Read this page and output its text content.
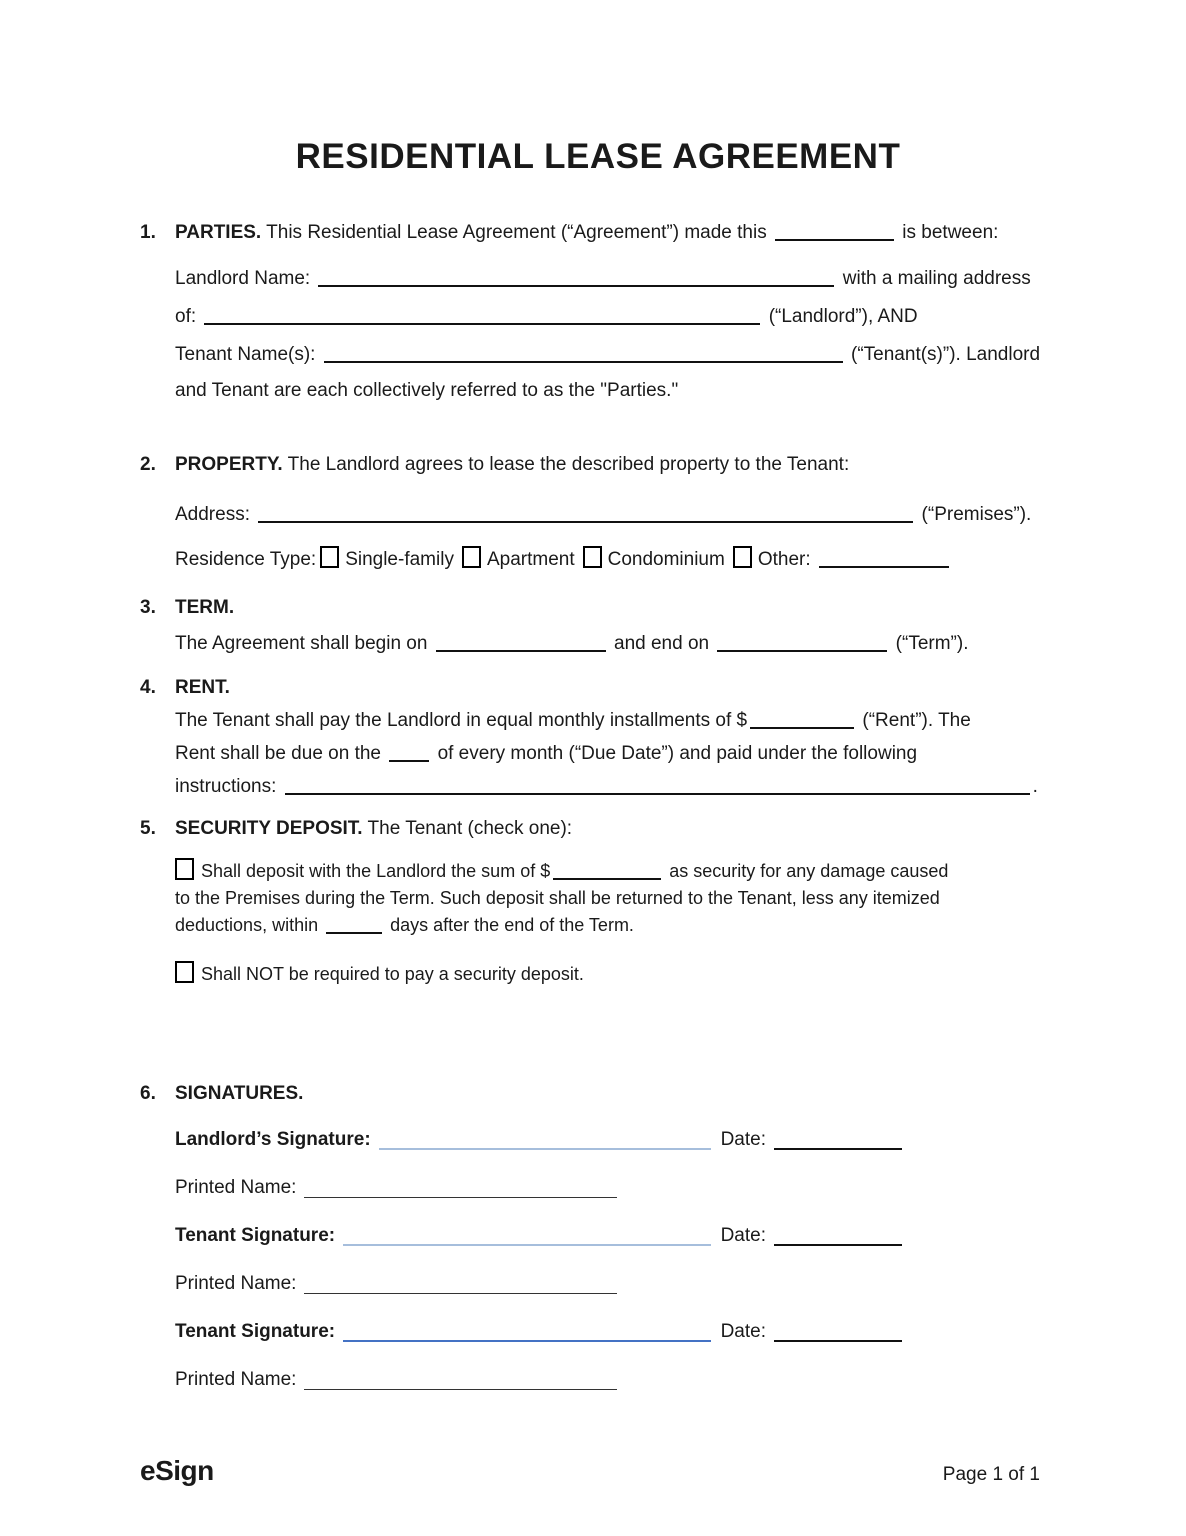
RESIDENTIAL LEASE AGREEMENT
1. PARTIES. This Residential Lease Agreement (“Agreement”) made this	is between:
Landlord Name:	with a mailing address
of:	(“Landlord”), AND
Tenant Name(s):	(“Tenant(s)”). Landlord
and Tenant are each collectively referred to as the "Parties."
2. PROPERTY. The Landlord agrees to lease the described property to the Tenant:
Address:	(“Premises”).
Residence Type: Single-family Apartment Condominium Other:
3. TERM.
The Agreement shall begin on	and end on	(“Term”).
4. RENT.
The Tenant shall pay the Landlord in equal monthly installments of $	(“Rent”). The
Rent shall be due on the	of every month (“Due Date”) and paid under the following
instructions:	.
5. SECURITY DEPOSIT. The Tenant (check one):
Shall deposit with the Landlord the sum of $	as security for any damage caused
to the Premises during the Term. Such deposit shall be returned to the Tenant, less any itemized
deductions, within	days after the end of the Term.
Shall NOT be required to pay a security deposit.
6. SIGNATURES.
Landlord’s Signature:	Date:
Printed Name:
Tenant Signature:	Date:
Printed Name:
Tenant Signature:	Date:
Printed Name:
eSign	Page 1 of 1
